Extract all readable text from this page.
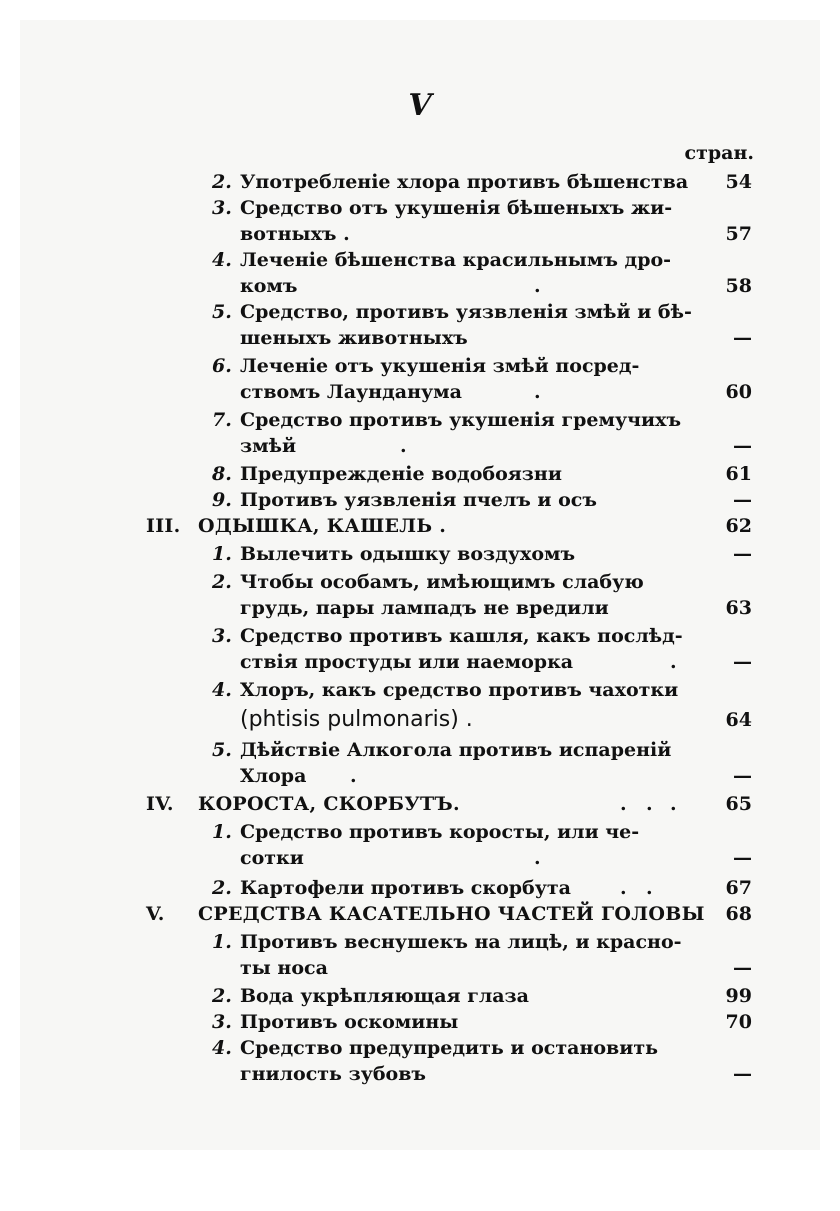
V
стран.
2. Употребленіе хлора противъ бѣшенства	54
3. Средство отъ укушенія бѣшеныхъ жи-
вотныхъ .	57
4. Леченіе бѣшенства красильнымъ дро-
комъ	.	58
5. Средство, противъ уязвленія змѣй и бѣ-
шеныхъ животныхъ	—
6. Леченіе отъ укушенія змѣй посред-
ствомъ Лаунданума	.	60
7. Средство противъ укушенія гремучихъ
змѣй	.	—
8. Предупрежденіе водобоязни	61
9. Противъ уязвленія пчелъ и осъ	—
III. ОДЫШКА, КАШЕЛЬ .	62
1. Вылечить одышку воздухомъ	—
2. Чтобы особамъ, имѣющимъ слабую
грудь, пары лампадъ не вредили	63
3. Средство противъ кашля, какъ послѣд-
ствія простуды или наеморка	.	—
4. Хлоръ, какъ средство противъ чахотки
(phtisis pulmonaris) .	64
5. Дѣйствіе Алкогола противъ испареній
Хлора .	—
IV. КОРОСТА, СКОРБУТЪ.	. . .	65
1. Средство противъ коросты, или че-
сотки	.	—
2. Картофели противъ скорбута	. .	67
V. СРЕДСТВА КАСАТЕЛЬНО ЧАСТЕЙ ГОЛОВЫ	68
1. Противъ веснушекъ на лицѣ, и красно-
ты носа	—
2. Вода укрѣпляющая глаза	99
3. Противъ оскомины	70
4. Средство предупредить и остановить
гнилость зубовъ	—
